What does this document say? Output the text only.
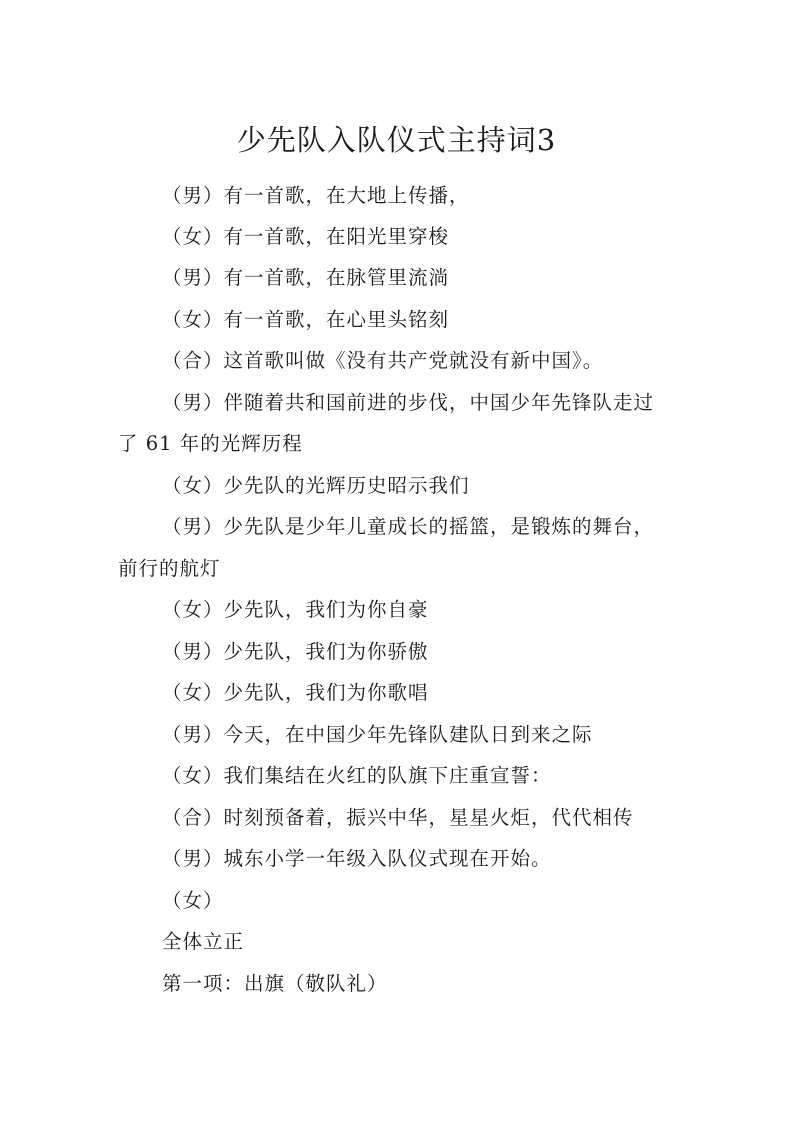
少先队入队仪式主持词3
（男）有一首歌，在大地上传播，
（女）有一首歌，在阳光里穿梭
（男）有一首歌，在脉管里流淌
（女）有一首歌，在心里头铭刻
（合）这首歌叫做《没有共产党就没有新中国》。
（男）伴随着共和国前进的步伐，中国少年先锋队走过
了 61 年的光辉历程
（女）少先队的光辉历史昭示我们
（男）少先队是少年儿童成长的摇篮，是锻炼的舞台，
前行的航灯
（女）少先队，我们为你自豪
（男）少先队，我们为你骄傲
（女）少先队，我们为你歌唱
（男）今天，在中国少年先锋队建队日到来之际
（女）我们集结在火红的队旗下庄重宣誓：
（合）时刻预备着，振兴中华，星星火炬，代代相传
（男）城东小学一年级入队仪式现在开始。
（女）
全体立正
第一项：出旗（敬队礼）
